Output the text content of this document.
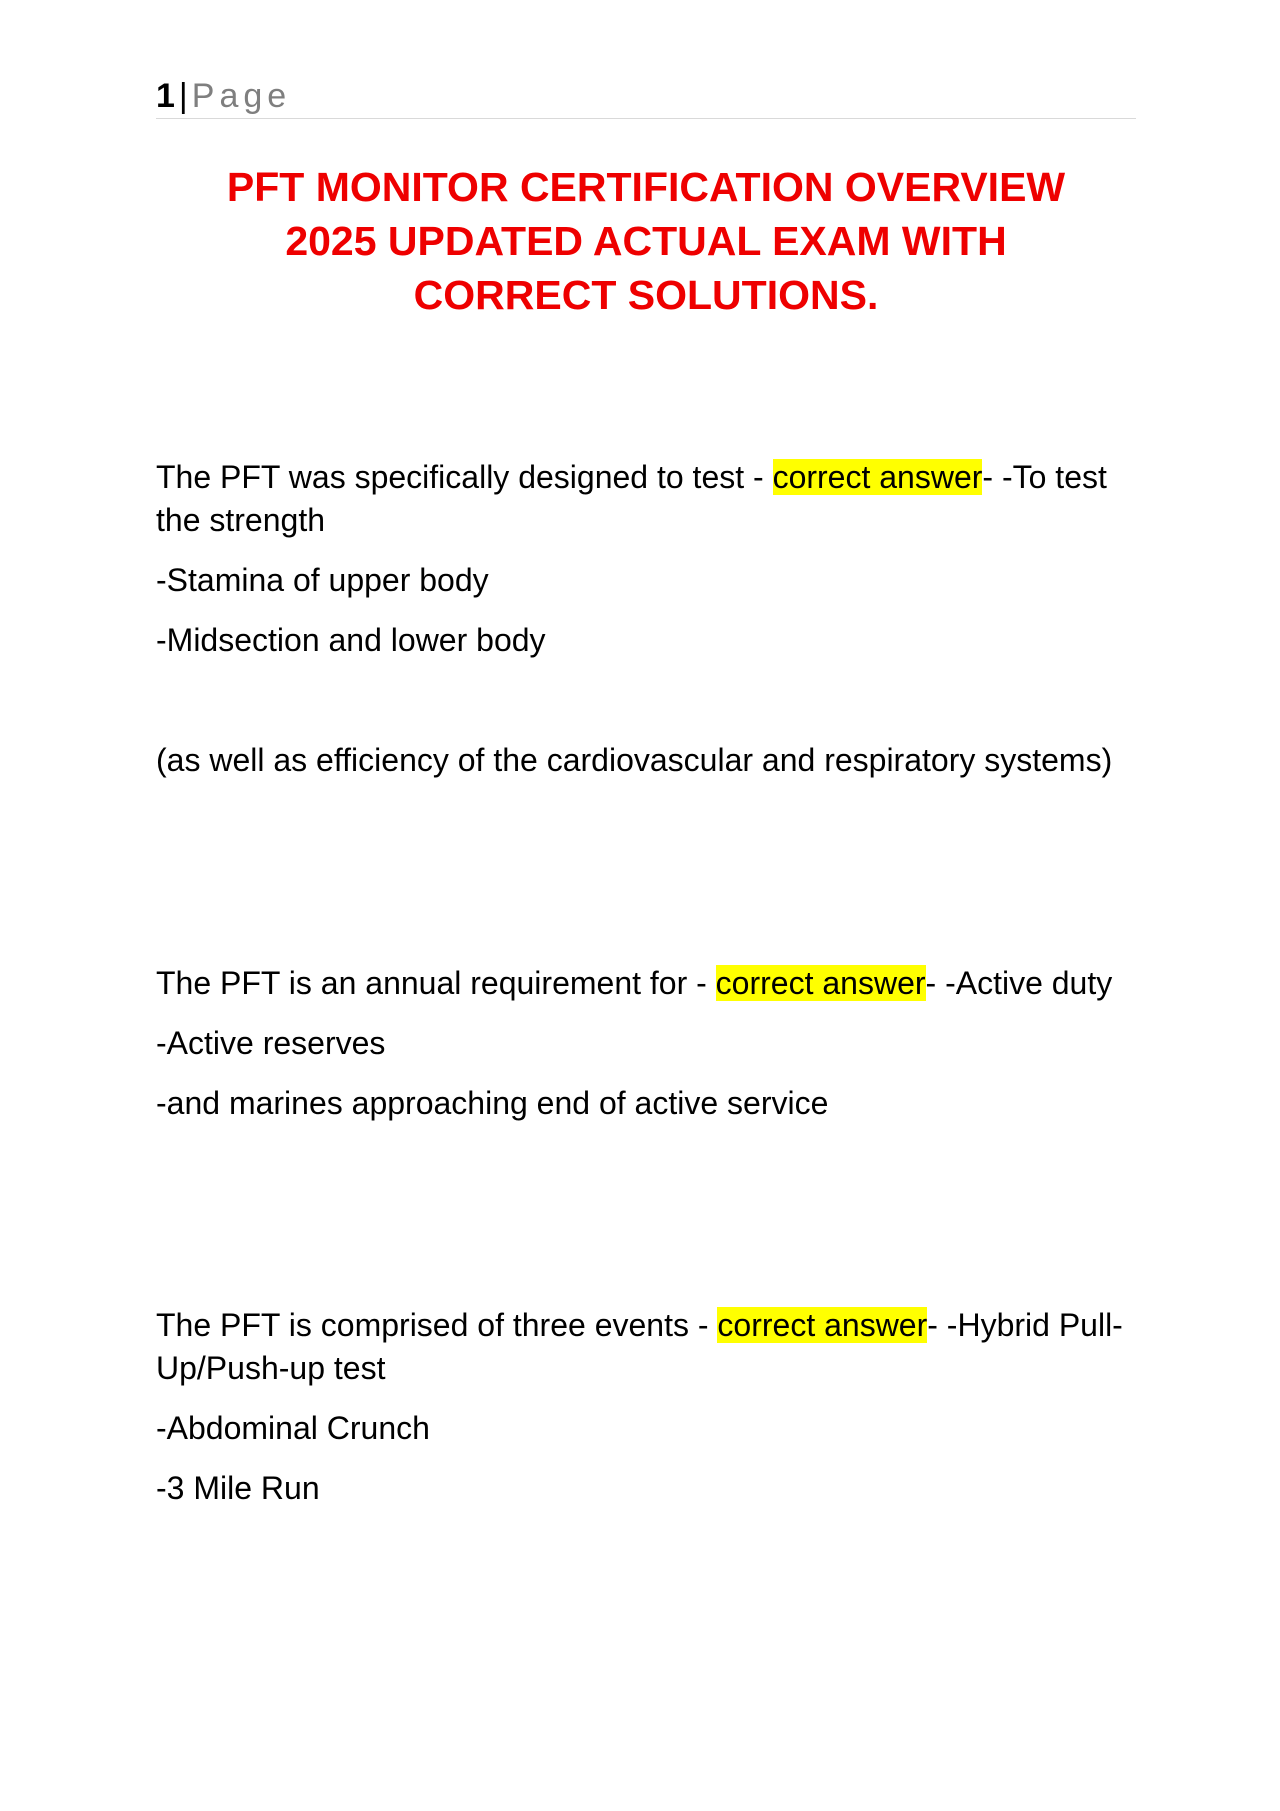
1 | Page
PFT MONITOR CERTIFICATION OVERVIEW
2025 UPDATED ACTUAL EXAM WITH
CORRECT SOLUTIONS.

The PFT was specifically designed to test - correct answer- -To test the strength

-Stamina of upper body

-Midsection and lower body

(as well as efficiency of the cardiovascular and respiratory systems)

The PFT is an annual requirement for - correct answer- -Active duty

-Active reserves

-and marines approaching end of active service

The PFT is comprised of three events - correct answer- -Hybrid Pull-Up/Push-up test

-Abdominal Crunch

-3 Mile Run
